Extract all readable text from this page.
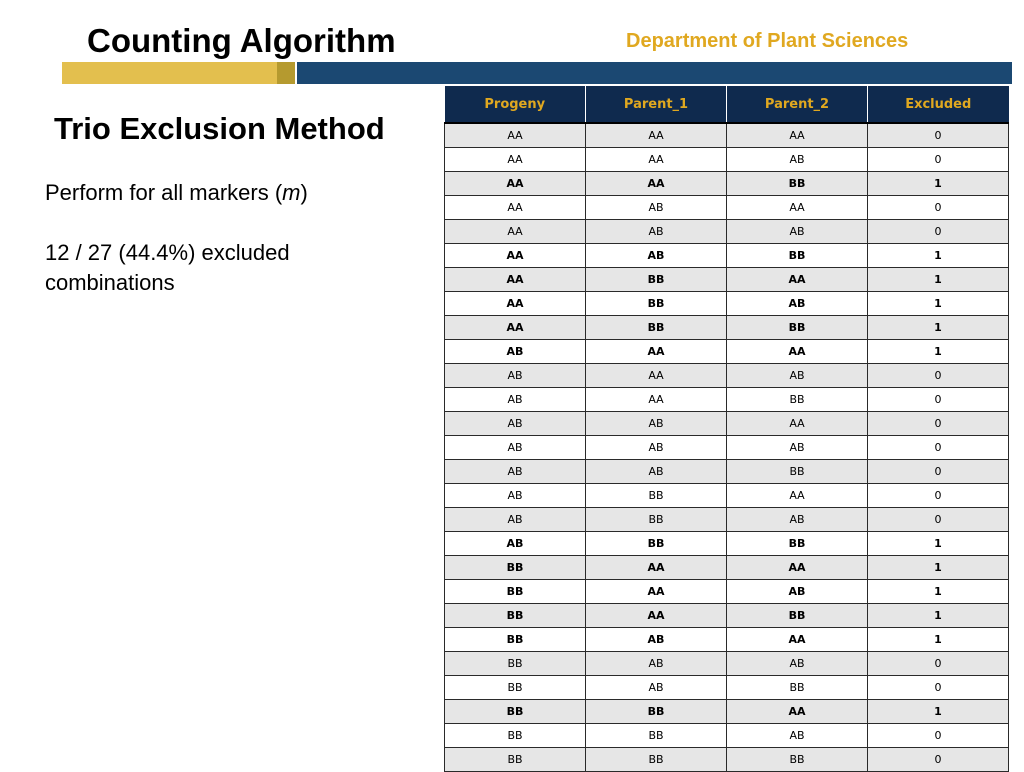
Counting Algorithm	Department of Plant Sciences
Trio Exclusion Method

Perform for all markers (m)

12 / 27 (44.4%) excluded combinations

Progeny	Parent_1	Parent_2	Excluded
AA	AA	AA	0
AA	AA	AB	0
AA	AA	BB	1
AA	AB	AA	0
AA	AB	AB	0
AA	AB	BB	1
AA	BB	AA	1
AA	BB	AB	1
AA	BB	BB	1
AB	AA	AA	1
AB	AA	AB	0
AB	AA	BB	0
AB	AB	AA	0
AB	AB	AB	0
AB	AB	BB	0
AB	BB	AA	0
AB	BB	AB	0
AB	BB	BB	1
BB	AA	AA	1
BB	AA	AB	1
BB	AA	BB	1
BB	AB	AA	1
BB	AB	AB	0
BB	AB	BB	0
BB	BB	AA	1
BB	BB	AB	0
BB	BB	BB	0
